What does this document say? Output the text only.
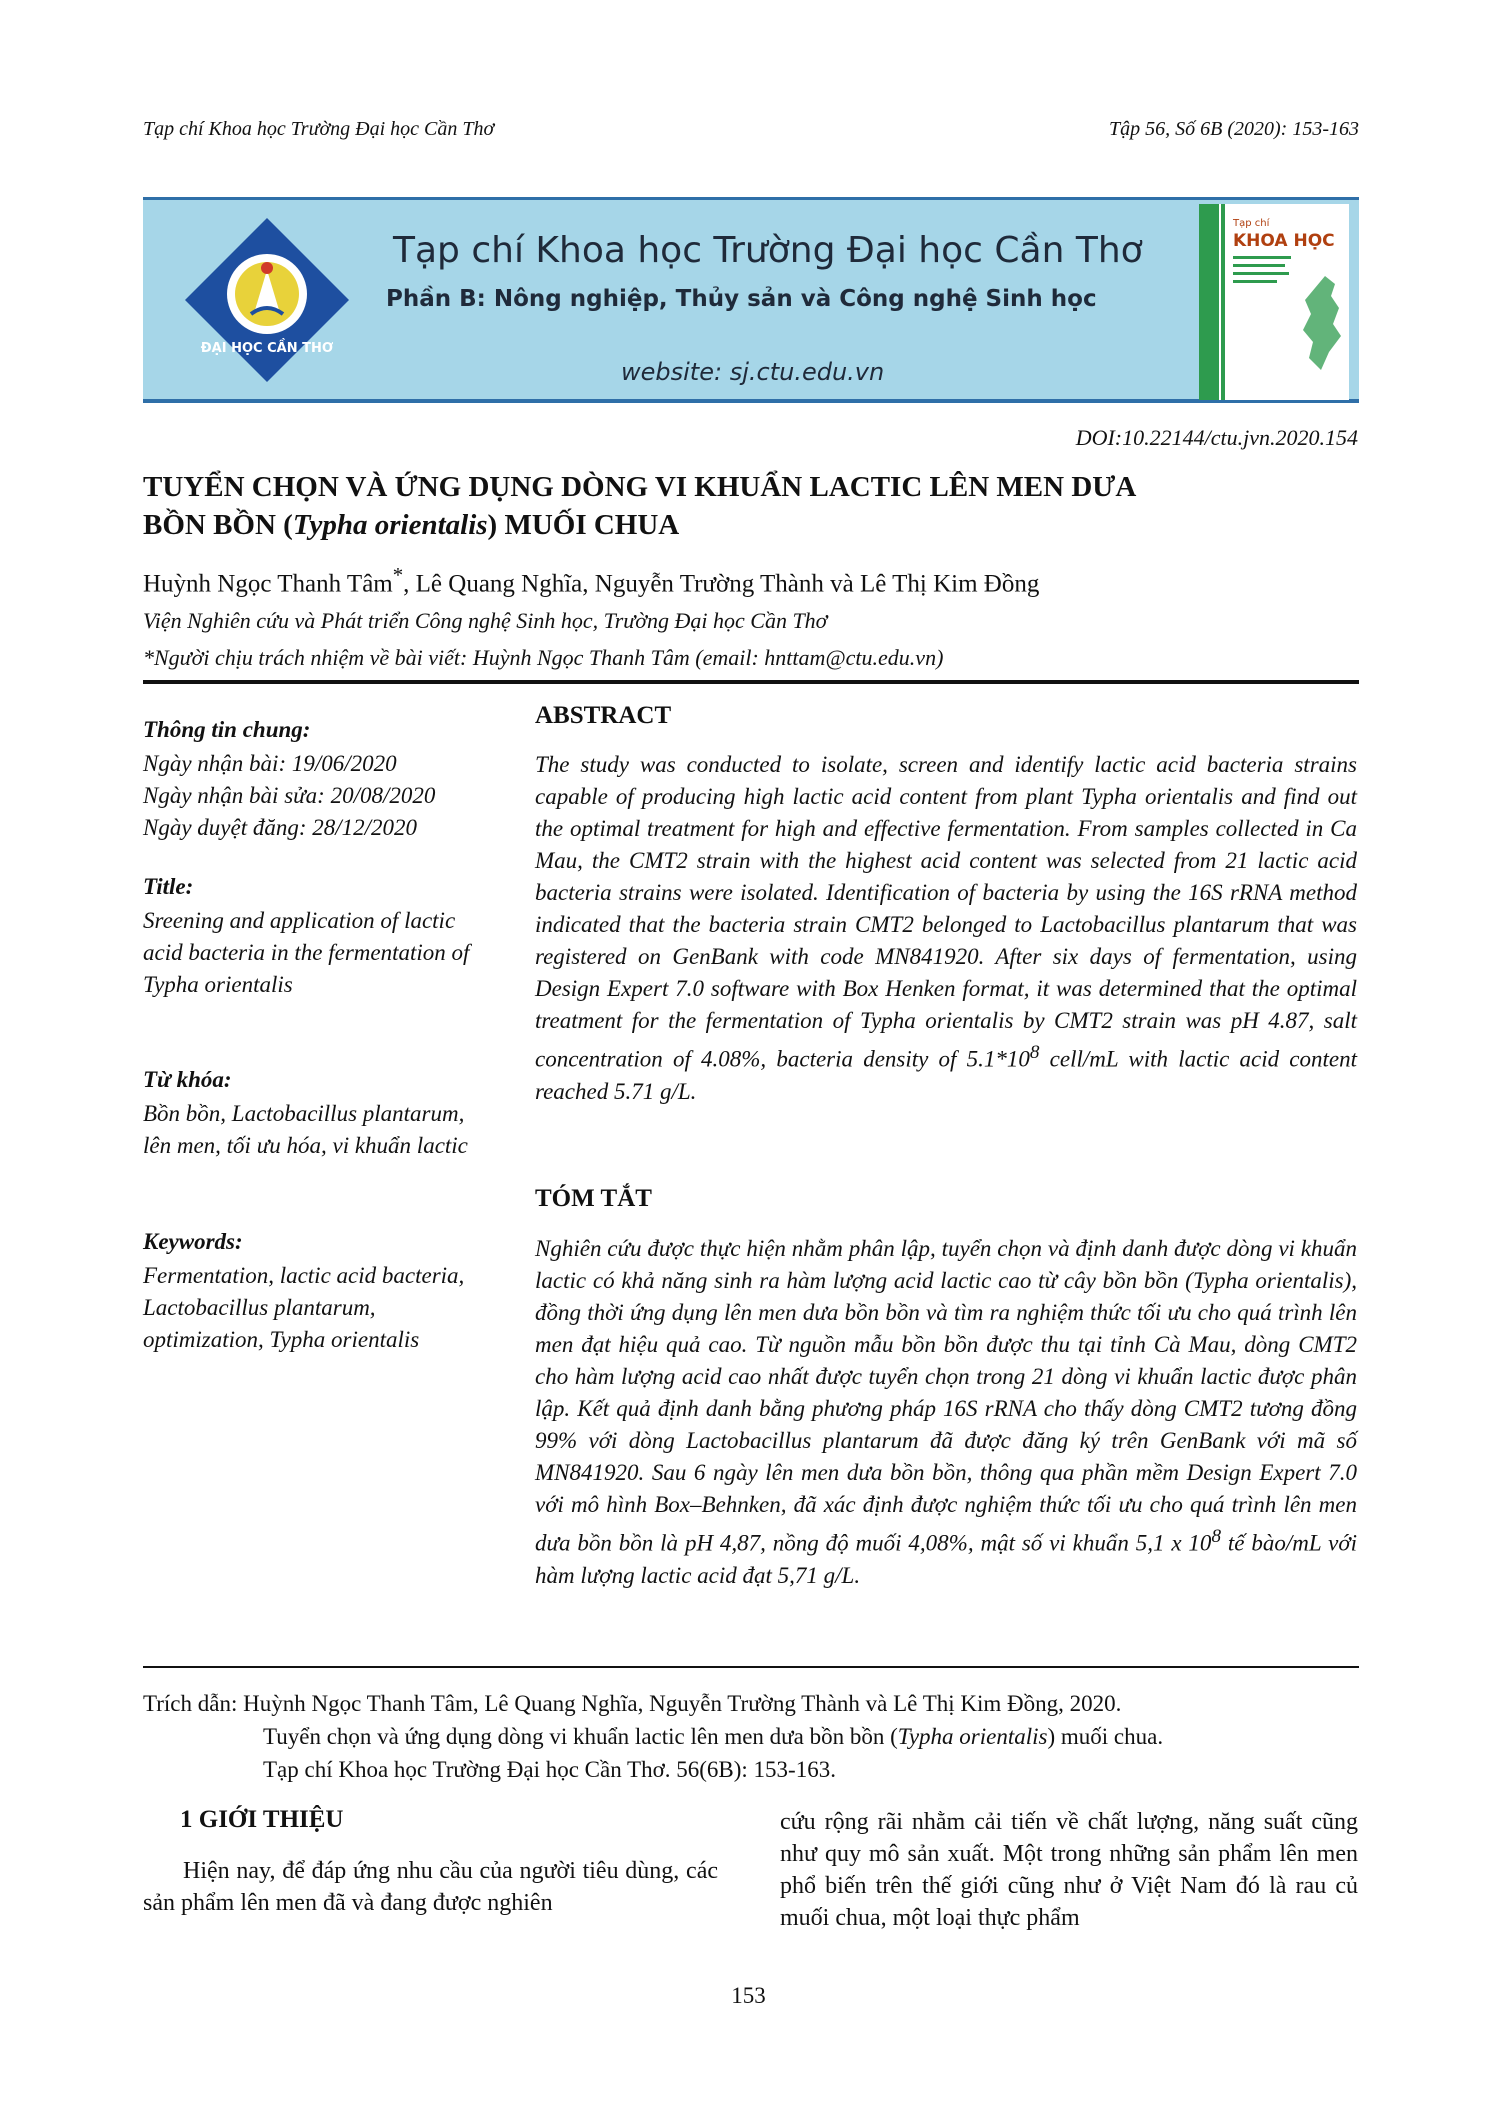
Tạp chí Khoa học Trường Đại học Cần Thơ	Tập 56, Số 6B (2020): 153-163
ĐẠI HỌC CẦN THƠ
Tạp chí Khoa học Trường Đại học Cần Thơ
Phần B: Nông nghiệp, Thủy sản và Công nghệ Sinh học
website: sj.ctu.edu.vn
Tạp chí
KHOA HỌC
DOI:10.22144/ctu.jvn.2020.154
TUYỂN CHỌN VÀ ỨNG DỤNG DÒNG VI KHUẨN LACTIC LÊN MEN DƯA
BỒN BỒN (Typha orientalis) MUỐI CHUA
Huỳnh Ngọc Thanh Tâm*, Lê Quang Nghĩa, Nguyễn Trường Thành và Lê Thị Kim Đồng
Viện Nghiên cứu và Phát triển Công nghệ Sinh học, Trường Đại học Cần Thơ
*Người chịu trách nhiệm về bài viết: Huỳnh Ngọc Thanh Tâm (email: hnttam@ctu.edu.vn)
Thông tin chung:
Ngày nhận bài: 19/06/2020
Ngày nhận bài sửa: 20/08/2020
Ngày duyệt đăng: 28/12/2020
Title:
Sreening and application of lactic acid bacteria in the fermentation of Typha orientalis
Từ khóa:
Bồn bồn, Lactobacillus plantarum, lên men, tối ưu hóa, vi khuẩn lactic
Keywords:
Fermentation, lactic acid bacteria, Lactobacillus plantarum, optimization, Typha orientalis
ABSTRACT
The study was conducted to isolate, screen and identify lactic acid bacteria strains capable of producing high lactic acid content from plant Typha orientalis and find out the optimal treatment for high and effective fermentation. From samples collected in Ca Mau, the CMT2 strain with the highest acid content was selected from 21 lactic acid bacteria strains were isolated. Identification of bacteria by using the 16S rRNA method indicated that the bacteria strain CMT2 belonged to Lactobacillus plantarum that was registered on GenBank with code MN841920. After six days of fermentation, using Design Expert 7.0 software with Box Henken format, it was determined that the optimal treatment for the fermentation of Typha orientalis by CMT2 strain was pH 4.87, salt concentration of 4.08%, bacteria density of $5.1*10^8$ cell/mL with lactic acid content reached 5.71 g/L.
TÓM TẮT
Nghiên cứu được thực hiện nhằm phân lập, tuyển chọn và định danh được dòng vi khuẩn lactic có khả năng sinh ra hàm lượng acid lactic cao từ cây bồn bồn (Typha orientalis), đồng thời ứng dụng lên men dưa bồn bồn và tìm ra nghiệm thức tối ưu cho quá trình lên men đạt hiệu quả cao. Từ nguồn mẫu bồn bồn được thu tại tỉnh Cà Mau, dòng CMT2 cho hàm lượng acid cao nhất được tuyển chọn trong 21 dòng vi khuẩn lactic được phân lập. Kết quả định danh bằng phương pháp 16S rRNA cho thấy dòng CMT2 tương đồng 99% với dòng Lactobacillus plantarum đã được đăng ký trên GenBank với mã số MN841920. Sau 6 ngày lên men dưa bồn bồn, thông qua phần mềm Design Expert 7.0 với mô hình Box–Behnken, đã xác định được nghiệm thức tối ưu cho quá trình lên men dưa bồn bồn là pH 4,87, nồng độ muối 4,08%, mật số vi khuẩn 5,1 x $10^8$ tế bào/mL với hàm lượng lactic acid đạt 5,71 g/L.
Trích dẫn: Huỳnh Ngọc Thanh Tâm, Lê Quang Nghĩa, Nguyễn Trường Thành và Lê Thị Kim Đồng, 2020.
Tuyển chọn và ứng dụng dòng vi khuẩn lactic lên men dưa bồn bồn (Typha orientalis) muối chua.
Tạp chí Khoa học Trường Đại học Cần Thơ. 56(6B): 153-163.
1 GIỚI THIỆU
Hiện nay, để đáp ứng nhu cầu của người tiêu dùng, các sản phẩm lên men đã và đang được nghiên
cứu rộng rãi nhằm cải tiến về chất lượng, năng suất cũng như quy mô sản xuất. Một trong những sản phẩm lên men phổ biến trên thế giới cũng như ở Việt Nam đó là rau củ muối chua, một loại thực phẩm
153
